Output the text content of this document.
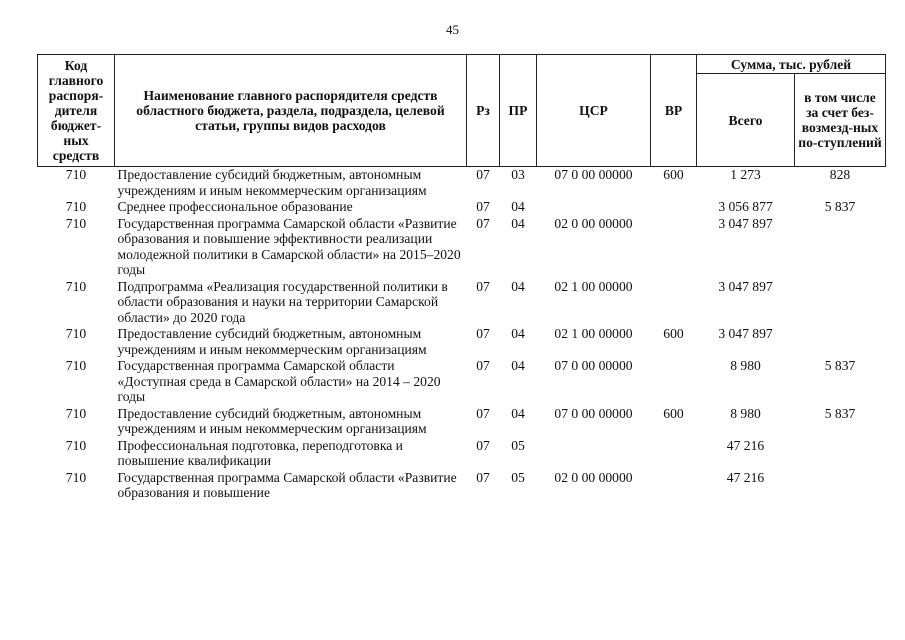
45
Код главного распоря-дителя бюджет-ных средств	Наименование главного распорядителя средств областного бюджета, раздела, подраздела, целевой статьи, группы видов расходов	Рз	ПР	ЦСР	ВР	Сумма, тыс. рублей	
						Всего	в том числе за счет без-возмезд-ных по-ступлений
710	Предоставление субсидий бюджетным, автономным учреждениям и иным некоммерческим организациям	07	03	07 0 00 00000	600	1 273	828
710	Среднее профессиональное образование	07	04			3 056 877	5 837
710	Государственная программа Самарской области «Развитие образования и повышение эффективности реализации молодежной политики в Самарской области» на 2015–2020 годы	07	04	02 0 00 00000		3 047 897	
710	Подпрограмма «Реализация государственной политики в области образования и науки на территории Самарской области» до 2020 года	07	04	02 1 00 00000		3 047 897	
710	Предоставление субсидий бюджетным, автономным учреждениям и иным некоммерческим организациям	07	04	02 1 00 00000	600	3 047 897	
710	Государственная программа Самарской области «Доступная среда в Самарской области» на 2014 – 2020 годы	07	04	07 0 00 00000		8 980	5 837
710	Предоставление субсидий бюджетным, автономным учреждениям и иным некоммерческим организациям	07	04	07 0 00 00000	600	8 980	5 837
710	Профессиональная подготовка, переподготовка и повышение квалификации	07	05			47 216	
710	Государственная программа Самарской области «Развитие образования и повышение	07	05	02 0 00 00000		47 216	
